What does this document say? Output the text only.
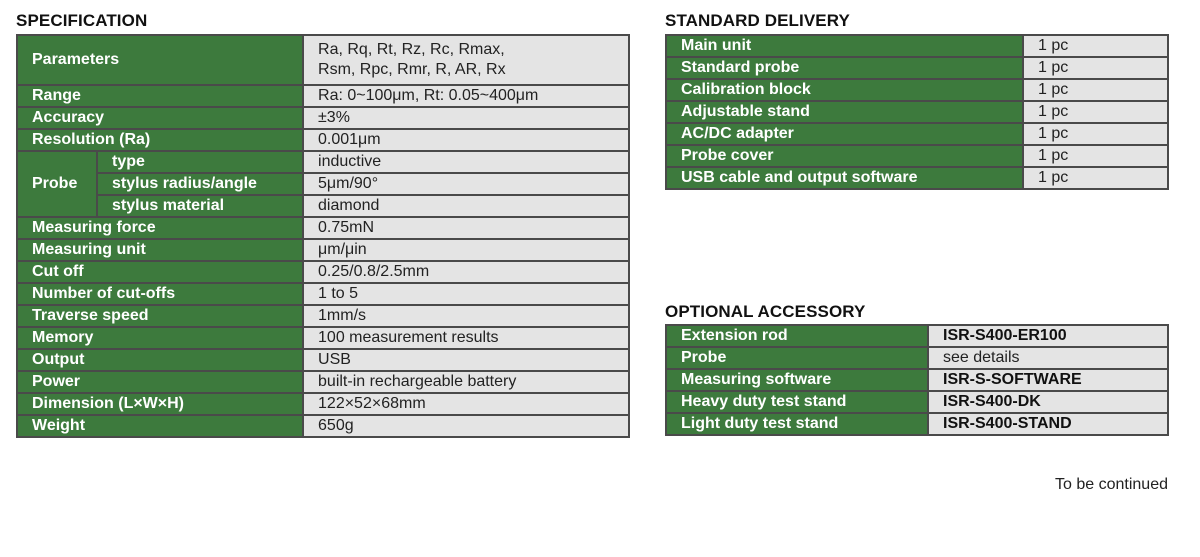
SPECIFICATION
Parameters		Ra, Rq, Rt, Rz, Rc, Rmax,
Rsm, Rpc, Rmr, R, AR, Rx

Range		Ra: 0~100μm, Rt: 0.05~400μm
Accuracy		±3%
Resolution (Ra)		0.001μm
Probe	type	inductive
	stylus radius/angle	5μm/90°
	stylus material	diamond
Measuring force		0.75mN
Measuring unit		μm/μin
Cut off		0.25/0.8/2.5mm
Number of cut-offs		1 to 5
Traverse speed		1mm/s
Memory		100 measurement results
Output		USB
Power		built-in rechargeable battery
Dimension (L×W×H)		122×52×68mm
Weight		650g
STANDARD DELIVERY
Main unit	1 pc
Standard probe	1 pc
Calibration block	1 pc
Adjustable stand	1 pc
AC/DC adapter	1 pc
Probe cover	1 pc
USB cable and output software	1 pc
OPTIONAL ACCESSORY
Extension rod	ISR-S400-ER100
Probe	see details
Measuring software	ISR-S-SOFTWARE
Heavy duty test stand	ISR-S400-DK
Light duty test stand	ISR-S400-STAND
To be continued
